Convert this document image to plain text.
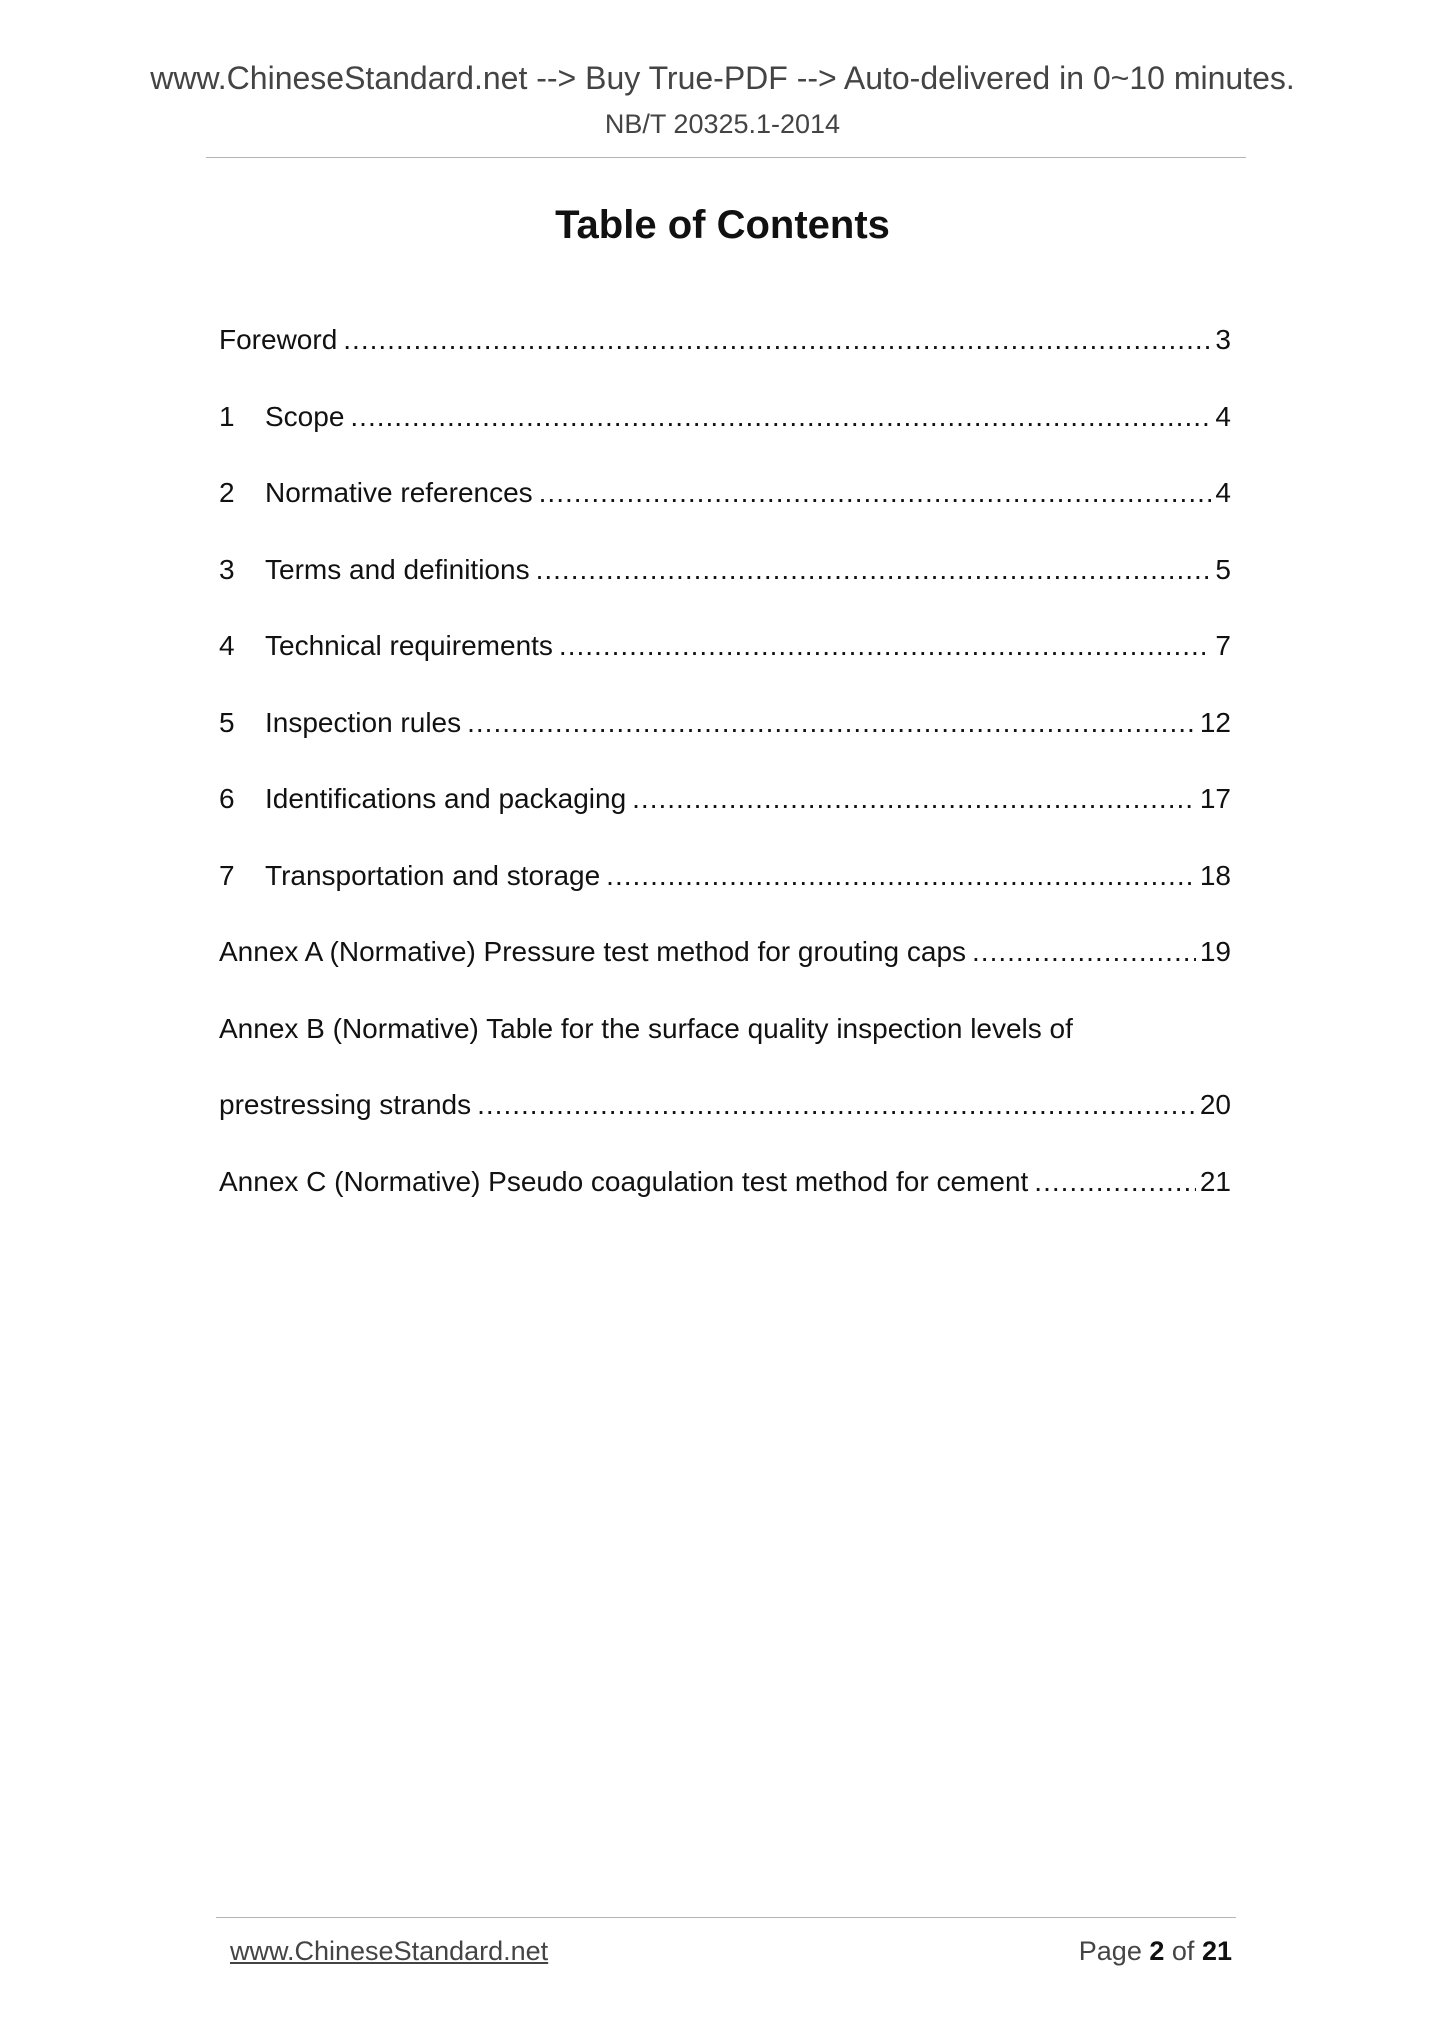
www.ChineseStandard.net --> Buy True-PDF --> Auto-delivered in 0~10 minutes.
NB/T 20325.1-2014
Table of Contents
Foreword .....	3
1	Scope .....	4
2	Normative references .....	4
3	Terms and definitions .....	5
4	Technical requirements .....	7
5	Inspection rules .....	12
6	Identifications and packaging .....	17
7	Transportation and storage .....	18
Annex A (Normative) Pressure test method for grouting caps .....	19
Annex B (Normative) Table for the surface quality inspection levels of
prestressing strands .....	20
Annex C (Normative) Pseudo coagulation test method for cement .....	21
www.ChineseStandard.net	Page 2 of 21
